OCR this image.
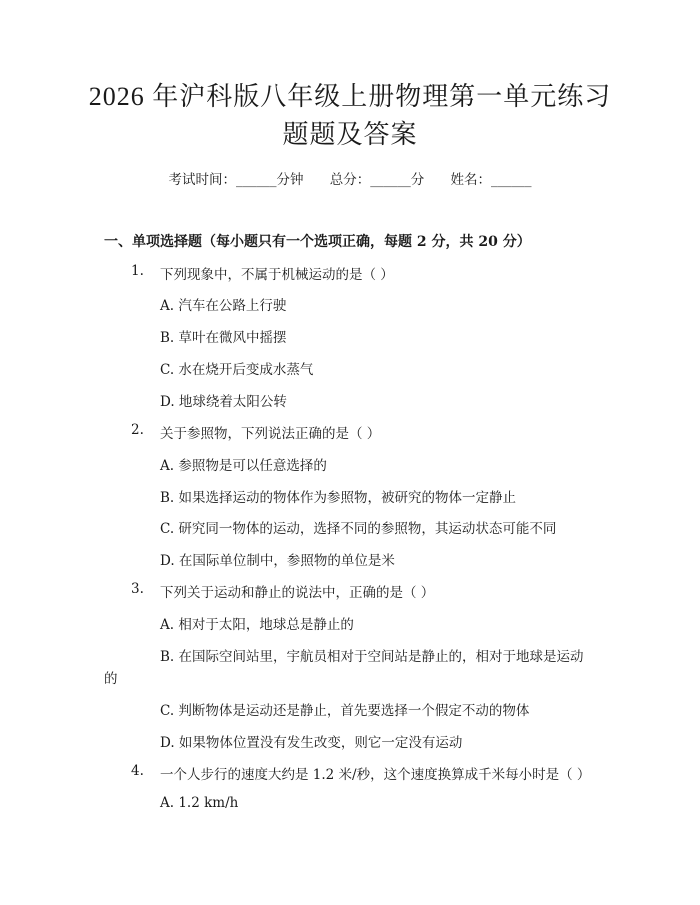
2026 年沪科版八年级上册物理第一单元练习
题题及答案
考试时间：______分钟 总分：______分 姓名：______
一、单项选择题（每小题只有一个选项正确，每题 2 分，共 20 分）
1. 下列现象中，不属于机械运动的是（ ）
A. 汽车在公路上行驶
B. 草叶在微风中摇摆
C. 水在烧开后变成水蒸气
D. 地球绕着太阳公转
2. 关于参照物，下列说法正确的是（ ）
A. 参照物是可以任意选择的
B. 如果选择运动的物体作为参照物，被研究的物体一定静止
C. 研究同一物体的运动，选择不同的参照物，其运动状态可能不同
D. 在国际单位制中，参照物的单位是米
3. 下列关于运动和静止的说法中，正确的是（ ）
A. 相对于太阳，地球总是静止的
B. 在国际空间站里，宇航员相对于空间站是静止的，相对于地球是运动
的
C. 判断物体是运动还是静止，首先要选择一个假定不动的物体
D. 如果物体位置没有发生改变，则它一定没有运动
4. 一个人步行的速度大约是 1.2 米/秒，这个速度换算成千米每小时是（ ）
A. 1.2 km/h
